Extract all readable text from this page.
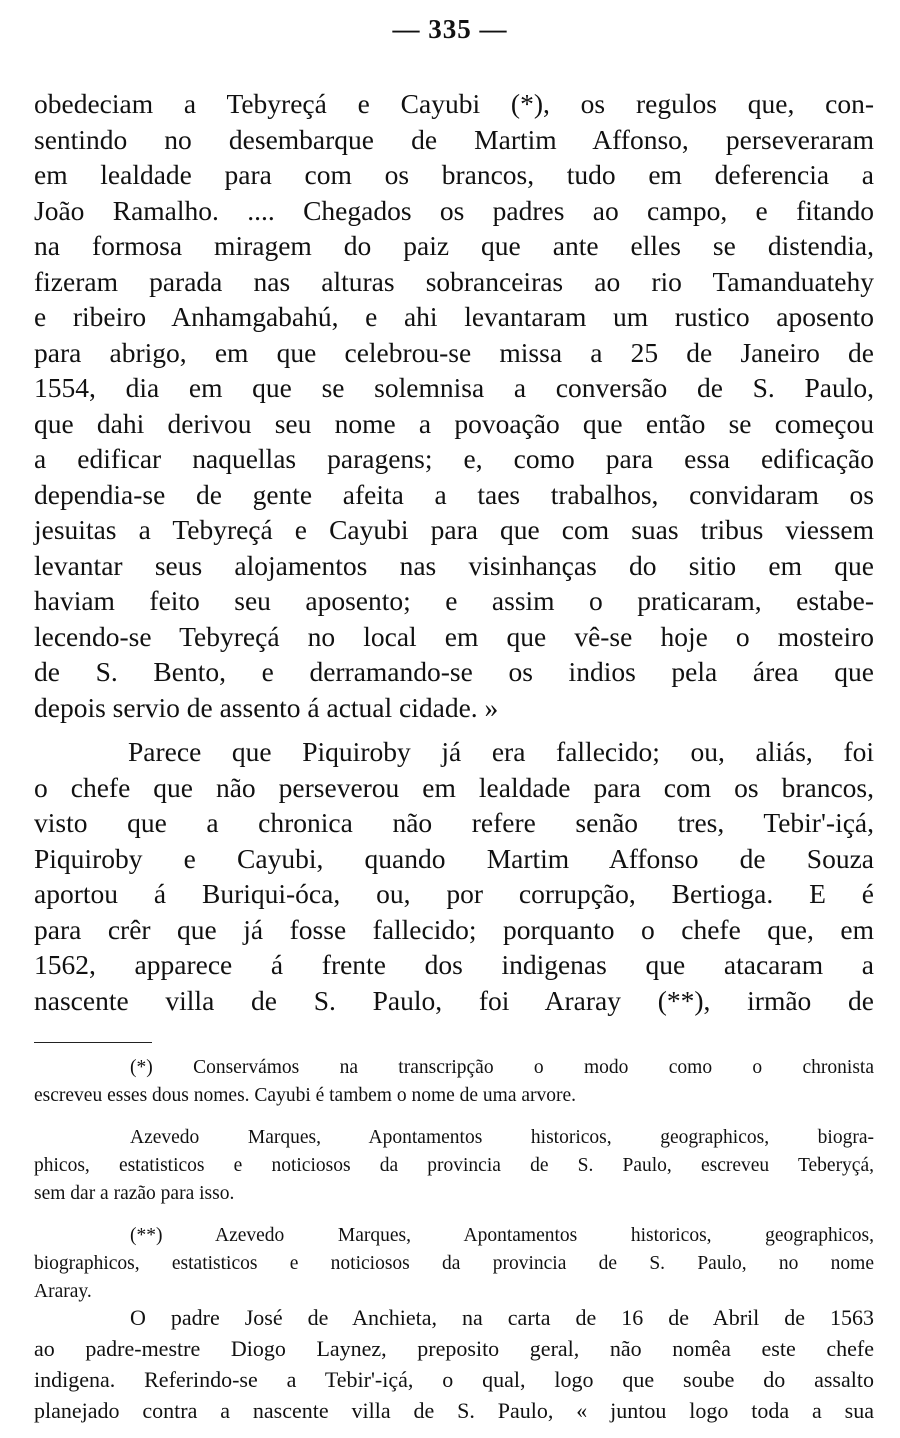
— 335 —

obedeciam a Tebyreçá e Cayubi (*), os regulos que, con-
sentindo no desembarque de Martim Affonso, perseveraram
em lealdade para com os brancos, tudo em deferencia a
João Ramalho. .... Chegados os padres ao campo, e fitando
na formosa miragem do paiz que ante elles se distendia,
fizeram parada nas alturas sobranceiras ao rio Tamanduatehy
e ribeiro Anhamgabahú, e ahi levantaram um rustico aposento
para abrigo, em que celebrou-se missa a 25 de Janeiro de
1554, dia em que se solemnisa a conversão de S. Paulo,
que dahi derivou seu nome a povoação que então se começou
a edificar naquellas paragens; e, como para essa edificação
dependia-se de gente afeita a taes trabalhos, convidaram os
jesuitas a Tebyreçá e Cayubi para que com suas tribus viessem
levantar seus alojamentos nas visinhanças do sitio em que
haviam feito seu aposento; e assim o praticaram, estabe-
lecendo-se Tebyreçá no local em que vê-se hoje o mosteiro
de S. Bento, e derramando-se os indios pela área que
depois servio de assento á actual cidade. »

Parece que Piquiroby já era fallecido; ou, aliás, foi
o chefe que não perseverou em lealdade para com os brancos,
visto que a chronica não refere senão tres, Tebir'-içá,
Piquiroby e Cayubi, quando Martim Affonso de Souza
aportou á Buriqui-óca, ou, por corrupção, Bertioga. E é
para crêr que já fosse fallecido; porquanto o chefe que, em
1562, apparece á frente dos indigenas que atacaram a
nascente villa de S. Paulo, foi Araray (**), irmão de

(*) Conservámos na transcripção o modo como o chronista
escreveu esses dous nomes. Cayubi é tambem o nome de uma arvore.

Azevedo Marques, Apontamentos historicos, geographicos, biogra-
phicos, estatisticos e noticiosos da provincia de S. Paulo, escreveu Teberyçá,
sem dar a razão para isso.

(**) Azevedo Marques, Apontamentos historicos, geographicos,
biographicos, estatisticos e noticiosos da provincia de S. Paulo, no nome
Araray.

O padre José de Anchieta, na carta de 16 de Abril de 1563
ao padre-mestre Diogo Laynez, preposito geral, não nomêa este chefe
indigena. Referindo-se a Tebir'-içá, o qual, logo que soube do assalto
planejado contra a nascente villa de S. Paulo, « juntou logo toda a sua
